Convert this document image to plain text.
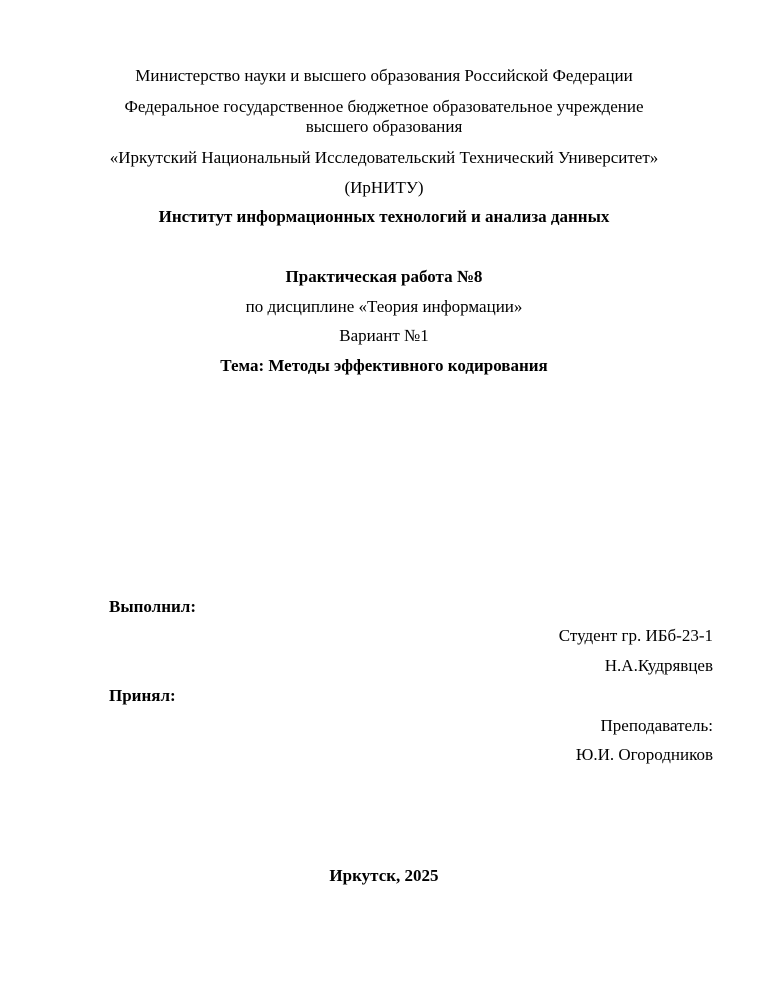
Министерство науки и высшего образования Российской Федерации
Федеральное государственное бюджетное образовательное учреждение
высшего образования
«Иркутский Национальный Исследовательский Технический Университет»
(ИрНИТУ)
Институт информационных технологий и анализа данных
Практическая работа №8
по дисциплине «Теория информации»
Вариант №1
Тема: Методы эффективного кодирования
Выполнил:
Студент гр. ИБб-23-1
Н.А.Кудрявцев
Принял:
Преподаватель:
Ю.И. Огородников
Иркутск, 2025
